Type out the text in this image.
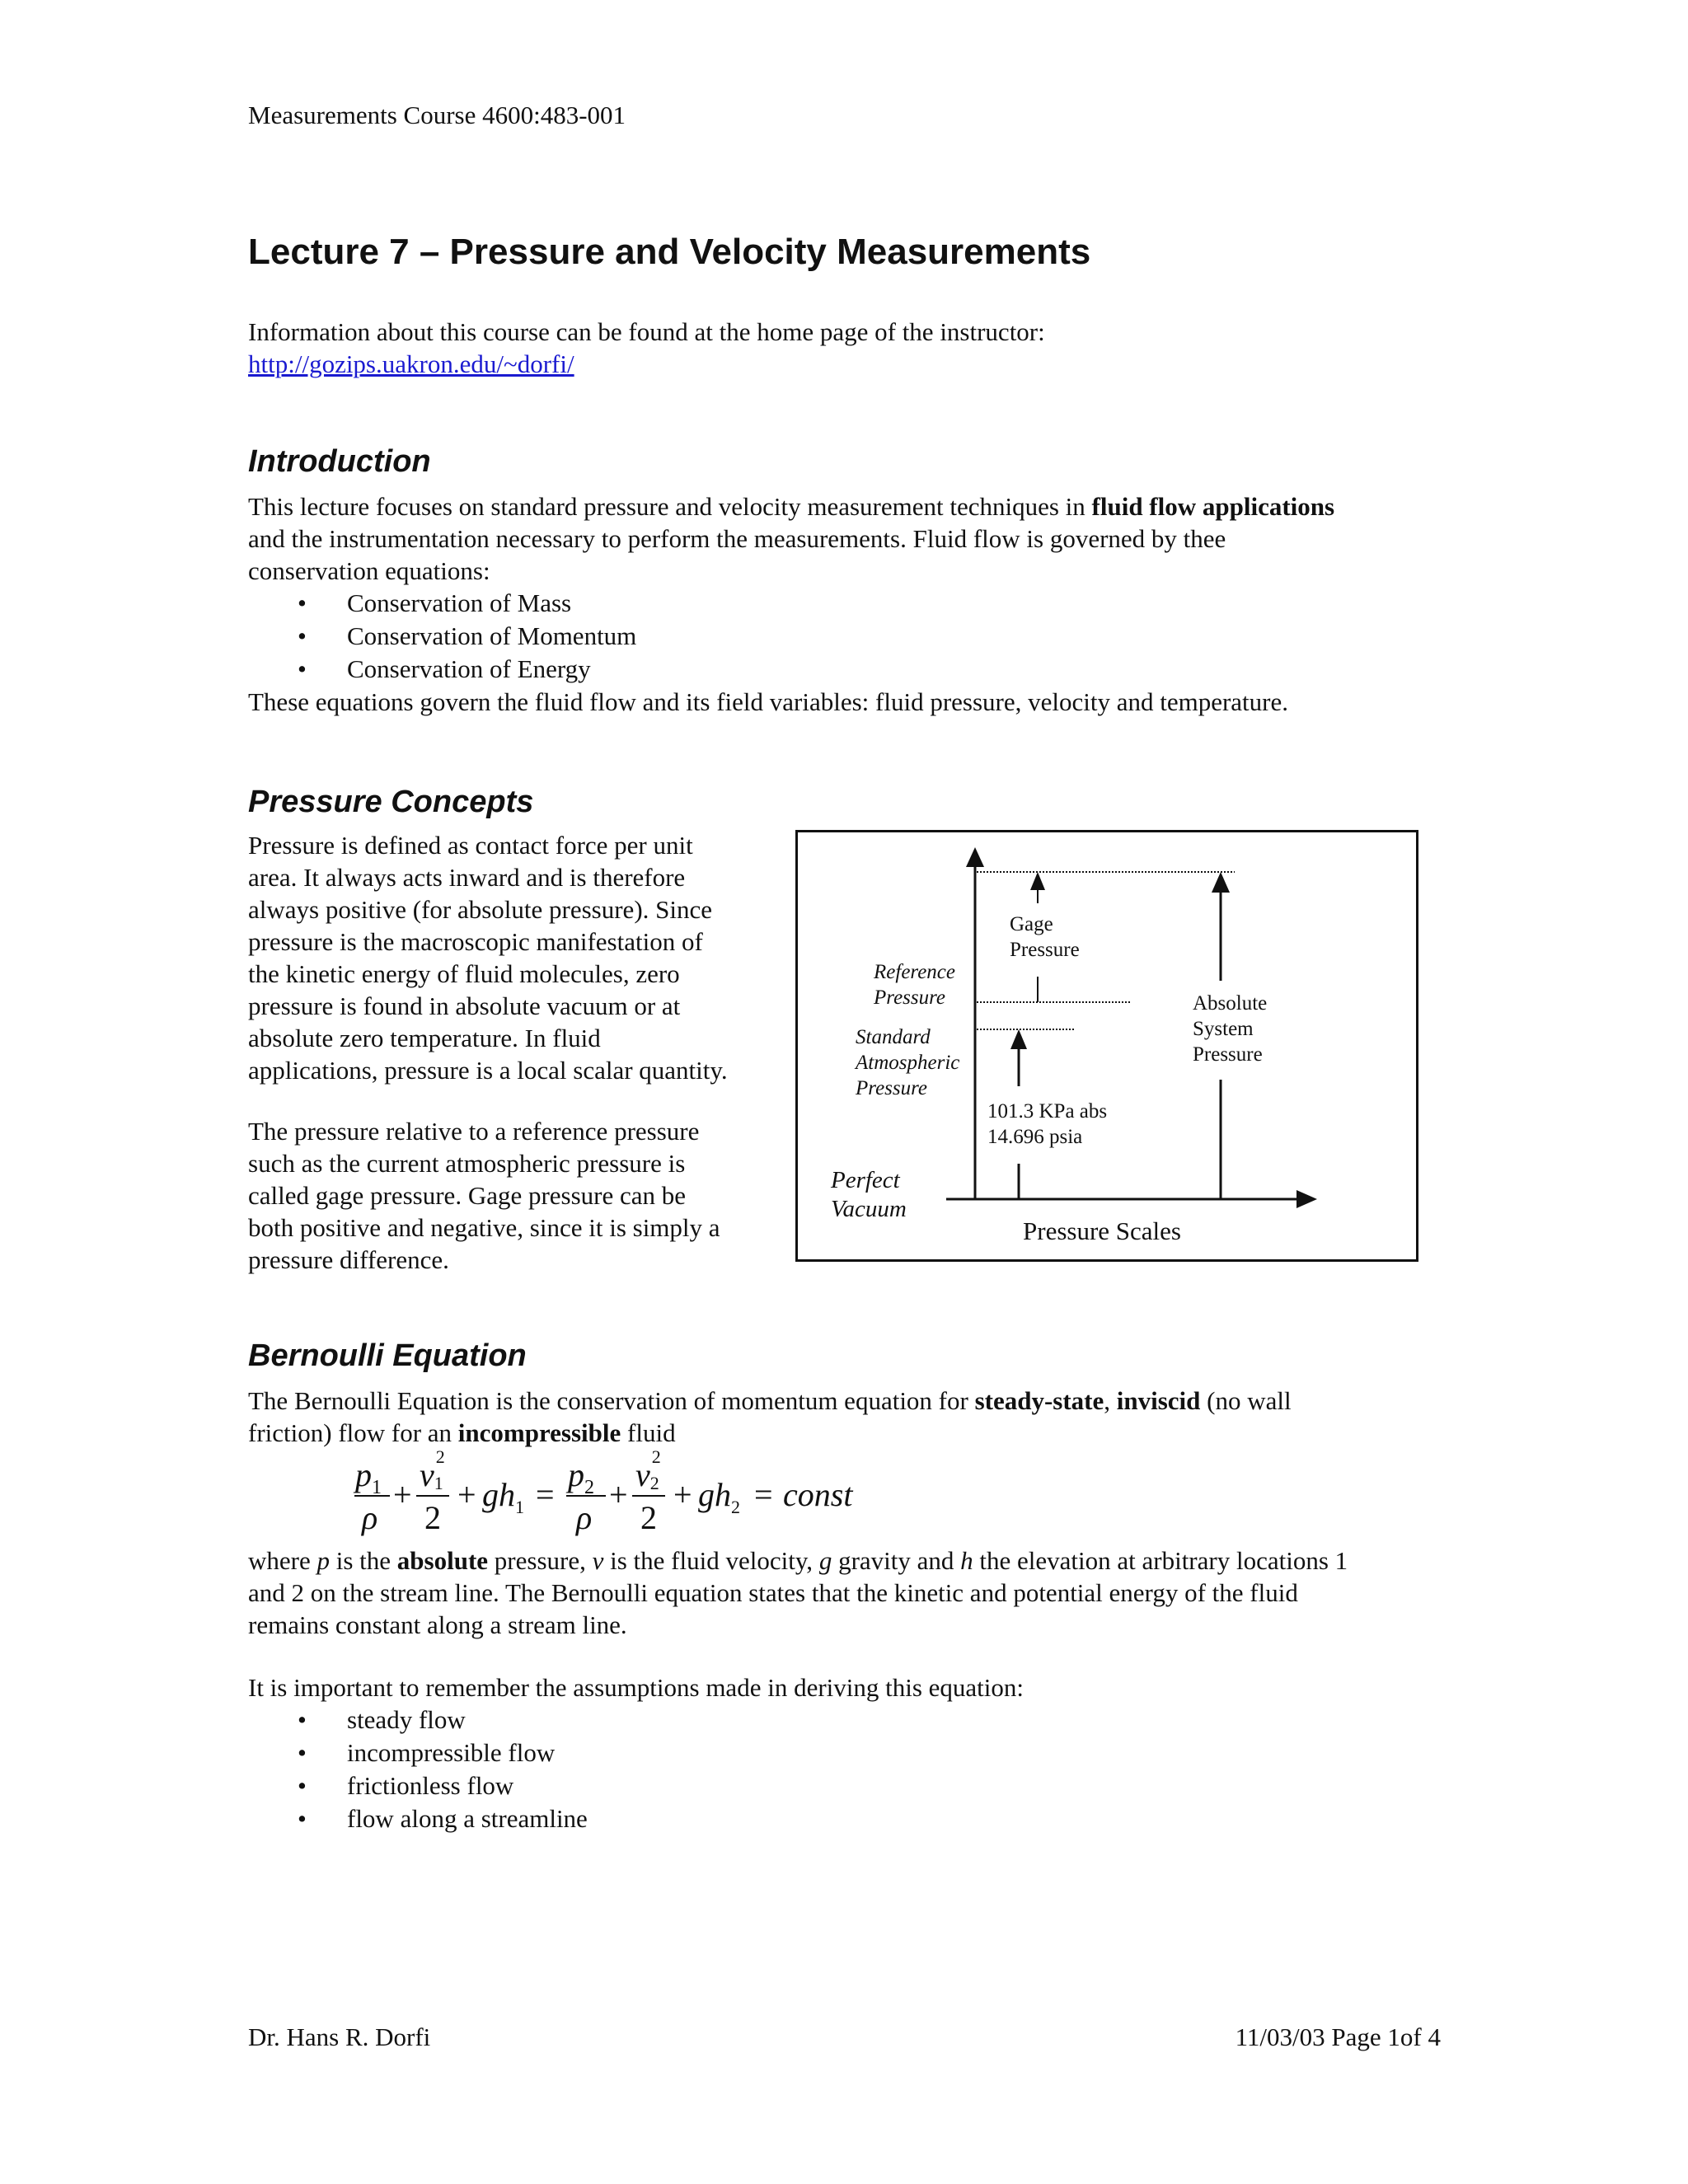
Measurements Course 4600:483-001
Lecture 7 – Pressure and Velocity Measurements
Information about this course can be found at the home page of the instructor:
http://gozips.uakron.edu/~dorfi/
Introduction
This lecture focuses on standard pressure and velocity measurement techniques in fluid flow applications
and the instrumentation necessary to perform the measurements. Fluid flow is governed by thee
conservation equations:
• Conservation of Mass
• Conservation of Momentum
• Conservation of Energy
These equations govern the fluid flow and its field variables: fluid pressure, velocity and temperature.
Pressure Concepts
Pressure is defined as contact force per unit
area. It always acts inward and is therefore
always positive (for absolute pressure). Since
pressure is the macroscopic manifestation of
the kinetic energy of fluid molecules, zero
pressure is found in absolute vacuum or at
absolute zero temperature. In fluid
applications, pressure is a local scalar quantity.
The pressure relative to a reference pressure
such as the current atmospheric pressure is
called gage pressure. Gage pressure can be
both positive and negative, since it is simply a
pressure difference.
Gage
Pressure
Reference
Pressure
Standard
Atmospheric
Pressure
Absolute
System
Pressure
101.3 KPa abs
14.696 psia
Perfect
Vacuum
Pressure Scales
Bernoulli Equation
The Bernoulli Equation is the conservation of momentum equation for steady-state, inviscid (no wall
friction) flow for an incompressible fluid
$p_1$
ρ
+
v 1
2
2
+ $gh_1$ =
$p_2$
ρ
+
v 2
2
2
+ $gh_2$ = const
where p is the absolute pressure, v is the fluid velocity, g gravity and h the elevation at arbitrary locations 1
and 2 on the stream line. The Bernoulli equation states that the kinetic and potential energy of the fluid
remains constant along a stream line.
It is important to remember the assumptions made in deriving this equation:
• steady flow
• incompressible flow
• frictionless flow
• flow along a streamline
Dr. Hans R. Dorfi	11/03/03 Page 1of 4
